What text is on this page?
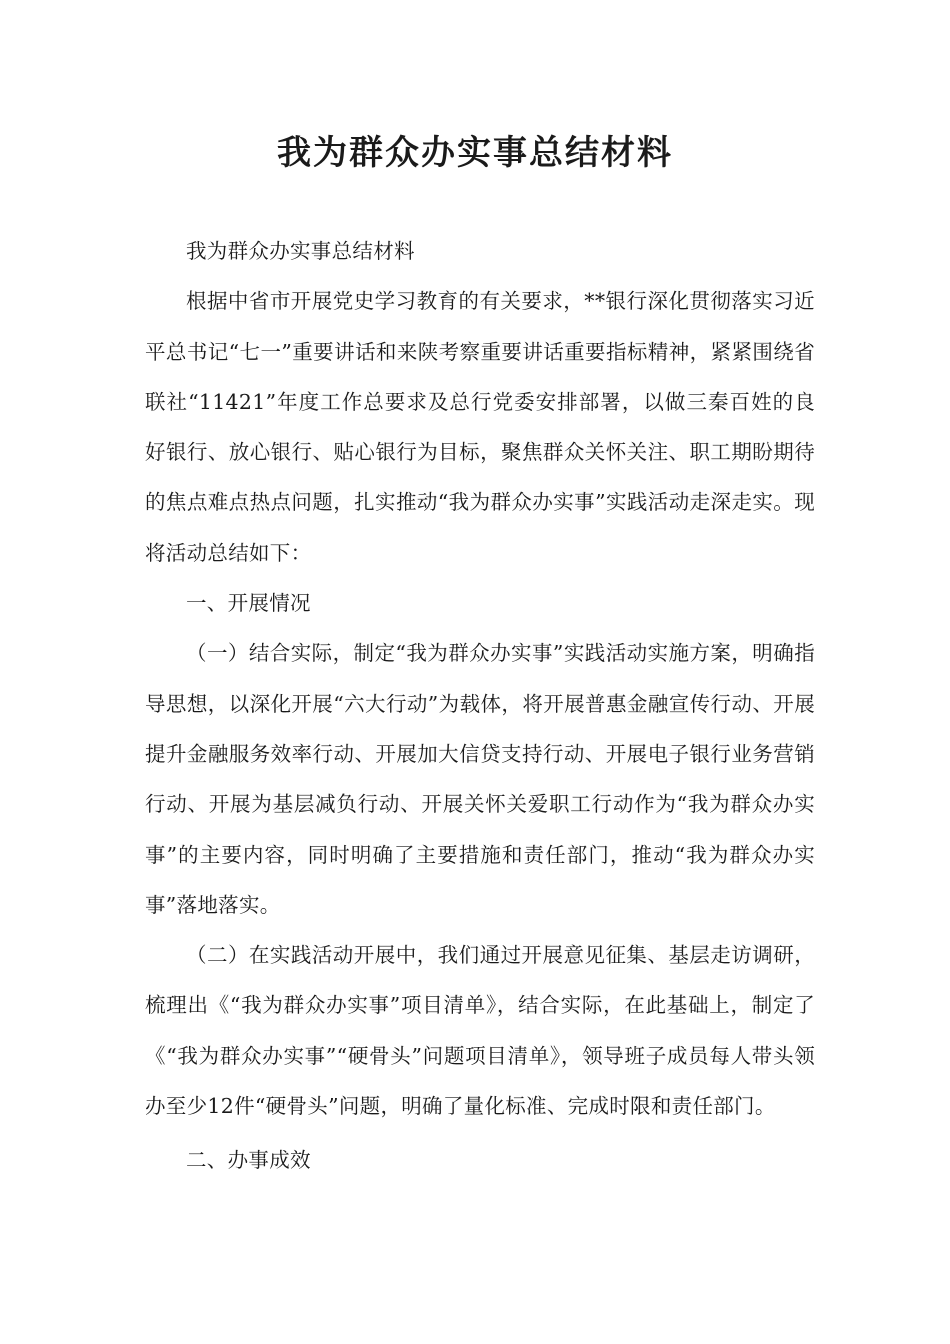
我为群众办实事总结材料

我为群众办实事总结材料

根据中省市开展党史学习教育的有关要求，**银行深化贯彻落实习近平总书记“七一”重要讲话和来陕考察重要讲话重要指标精神，紧紧围绕省联社“11421”年度工作总要求及总行党委安排部署，以做三秦百姓的良好银行、放心银行、贴心银行为目标，聚焦群众关怀关注、职工期盼期待的焦点难点热点问题，扎实推动“我为群众办实事”实践活动走深走实。现将活动总结如下：

一、开展情况

（一）结合实际，制定“我为群众办实事”实践活动实施方案，明确指导思想，以深化开展“六大行动”为载体，将开展普惠金融宣传行动、开展提升金融服务效率行动、开展加大信贷支持行动、开展电子银行业务营销行动、开展为基层减负行动、开展关怀关爱职工行动作为“我为群众办实事”的主要内容，同时明确了主要措施和责任部门，推动“我为群众办实事”落地落实。

（二）在实践活动开展中，我们通过开展意见征集、基层走访调研，梳理出《“我为群众办实事”项目清单》，结合实际，在此基础上，制定了《“我为群众办实事”“硬骨头”问题项目清单》，领导班子成员每人带头领办至少12件“硬骨头”问题，明确了量化标准、完成时限和责任部门。

二、办事成效
